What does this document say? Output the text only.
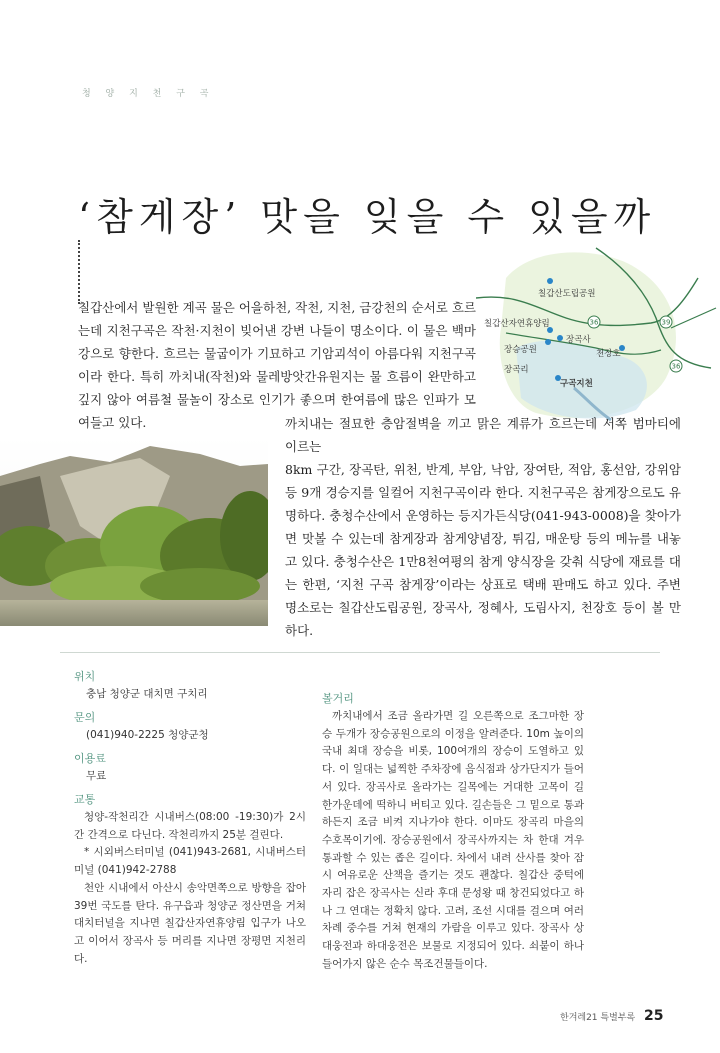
청 양 지 천 구 곡
‘참게장’ 맛을 잊을 수 있을까
36	39
36
칠갑산도립공원
칠갑산자연휴양림
장곡사
장승공원	천장호
장곡리
구곡지천
칠갑산에서 발원한 계곡 물은 어을하천, 작천, 지천, 금강천의 순서로 흐르는데 지천구곡은 작천·지천이 빚어낸 강변 나들이 명소이다. 이 물은 백마강으로 향한다. 흐르는 물굽이가 기묘하고 기암괴석이 아름다워 지천구곡이라 한다. 특히 까치내(작천)와 물레방앗간유원지는 물 흐름이 완만하고 깊지 않아 여름철 물놀이 장소로 인기가 좋으며 한여름에 많은 인파가 모여들고 있다.	까치내는 절묘한 층암절벽을 끼고 맑은 계류가 흐르는데 서쪽 범마티에 이르는
8km 구간, 장곡탄, 위천, 반계, 부암, 낙암, 장여탄, 적암, 홍선암, 강위암 등 9개 경승지를 일컬어 지천구곡이라 한다. 지천구곡은 참게장으로도 유명하다. 충청수산에서 운영하는 등지가든식당(041-943-0008)을 찾아가면 맛볼 수 있는데 참게장과 참게양념장, 튀김, 매운탕 등의 메뉴를 내놓고 있다. 충청수산은 1만8천여평의 참게 양식장을 갖춰 식당에 재료를 대는 한편, ‘지천 구곡 참게장’이라는 상표로 택배 판매도 하고 있다. 주변 명소로는 칠갑산도립공원, 장곡사, 정혜사, 도림사지, 천장호 등이 볼 만하다.
위치
충남 청양군 대치면 구치리
문의
(041)940-2225 청양군청
이용료
무료
교통
청양-작천리간 시내버스(08:00 -19:30)가 2시간 간격으로 다닌다. 작천리까지 25분 걸린다.
* 시외버스터미널 (041)943-2681, 시내버스터미널 (041)942-2788
천안 시내에서 아산시 송악면쪽으로 방향을 잡아 39번 국도를 탄다. 유구읍과 청양군 정산면을 거쳐 대치터널을 지나면 칠갑산자연휴양림 입구가 나오고 이어서 장곡사 등 머리를 지나면 장평면 지천리다.
볼거리
까치내에서 조금 올라가면 길 오른쪽으로 조그마한 장승 두개가 장승공원으로의 이정을 알려준다. 10m 높이의 국내 최대 장승을 비롯, 100여개의 장승이 도열하고 있다. 이 일대는 넓찍한 주차장에 음식점과 상가단지가 들어서 있다. 장곡사로 올라가는 길목에는 거대한 고목이 길 한가운데에 떡하니 버티고 있다. 길손들은 그 밑으로 통과하든지 조금 비켜 지나가야 한다. 이마도 장곡리 마을의 수호목이기에. 장승공원에서 장곡사까지는 차 한대 겨우 통과할 수 있는 좁은 길이다. 차에서 내려 산사를 찾아 잠시 여유로운 산책을 즐기는 것도 괜찮다. 칠갑산 중턱에 자리 잡은 장곡사는 신라 후대 문성왕 때 창건되었다고 하나 그 연대는 정확치 않다. 고려, 조선 시대를 걸으며 여러 차례 중수를 거쳐 현재의 가람을 이루고 있다. 장곡사 상대웅전과 하대웅전은 보물로 지정되어 있다. 쇠붙이 하나 들어가지 않은 순수 목조건물들이다.
한겨레21 특별부록 25
